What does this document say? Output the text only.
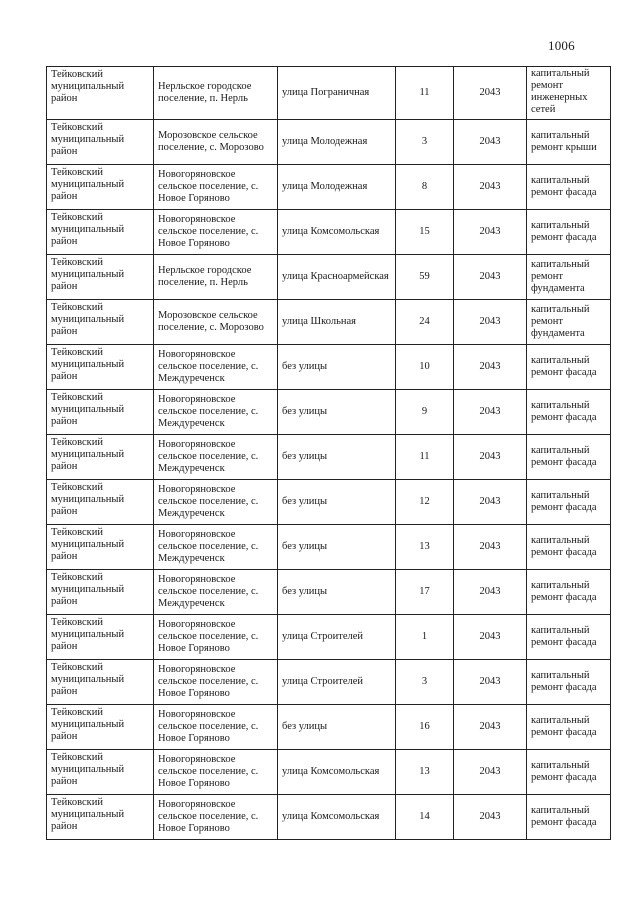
1006
Тейковский муниципальный район	Нерльское городское поселение, п. Нерль	улица Пограничная	11	2043	капитальный ремонт инженерных сетей
Тейковский муниципальный район	Морозовское сельское поселение, с. Морозово	улица Молодежная	3	2043	капитальный ремонт крыши
Тейковский муниципальный район	Новогоряновское сельское поселение, с. Новое Горяново	улица Молодежная	8	2043	капитальный ремонт фасада
Тейковский муниципальный район	Новогоряновское сельское поселение, с. Новое Горяново	улица Комсомольская	15	2043	капитальный ремонт фасада
Тейковский муниципальный район	Нерльское городское поселение, п. Нерль	улица Красноармейская	59	2043	капитальный ремонт фундамента
Тейковский муниципальный район	Морозовское сельское поселение, с. Морозово	улица Школьная	24	2043	капитальный ремонт фундамента
Тейковский муниципальный район	Новогоряновское сельское поселение, с. Междуреченск	без улицы	10	2043	капитальный ремонт фасада
Тейковский муниципальный район	Новогоряновское сельское поселение, с. Междуреченск	без улицы	9	2043	капитальный ремонт фасада
Тейковский муниципальный район	Новогоряновское сельское поселение, с. Междуреченск	без улицы	11	2043	капитальный ремонт фасада
Тейковский муниципальный район	Новогоряновское сельское поселение, с. Междуреченск	без улицы	12	2043	капитальный ремонт фасада
Тейковский муниципальный район	Новогоряновское сельское поселение, с. Междуреченск	без улицы	13	2043	капитальный ремонт фасада
Тейковский муниципальный район	Новогоряновское сельское поселение, с. Междуреченск	без улицы	17	2043	капитальный ремонт фасада
Тейковский муниципальный район	Новогоряновское сельское поселение, с. Новое Горяново	улица Строителей	1	2043	капитальный ремонт фасада
Тейковский муниципальный район	Новогоряновское сельское поселение, с. Новое Горяново	улица Строителей	3	2043	капитальный ремонт фасада
Тейковский муниципальный район	Новогоряновское сельское поселение, с. Новое Горяново	без улицы	16	2043	капитальный ремонт фасада
Тейковский муниципальный район	Новогоряновское сельское поселение, с. Новое Горяново	улица Комсомольская	13	2043	капитальный ремонт фасада
Тейковский муниципальный район	Новогоряновское сельское поселение, с. Новое Горяново	улица Комсомольская	14	2043	капитальный ремонт фасада
